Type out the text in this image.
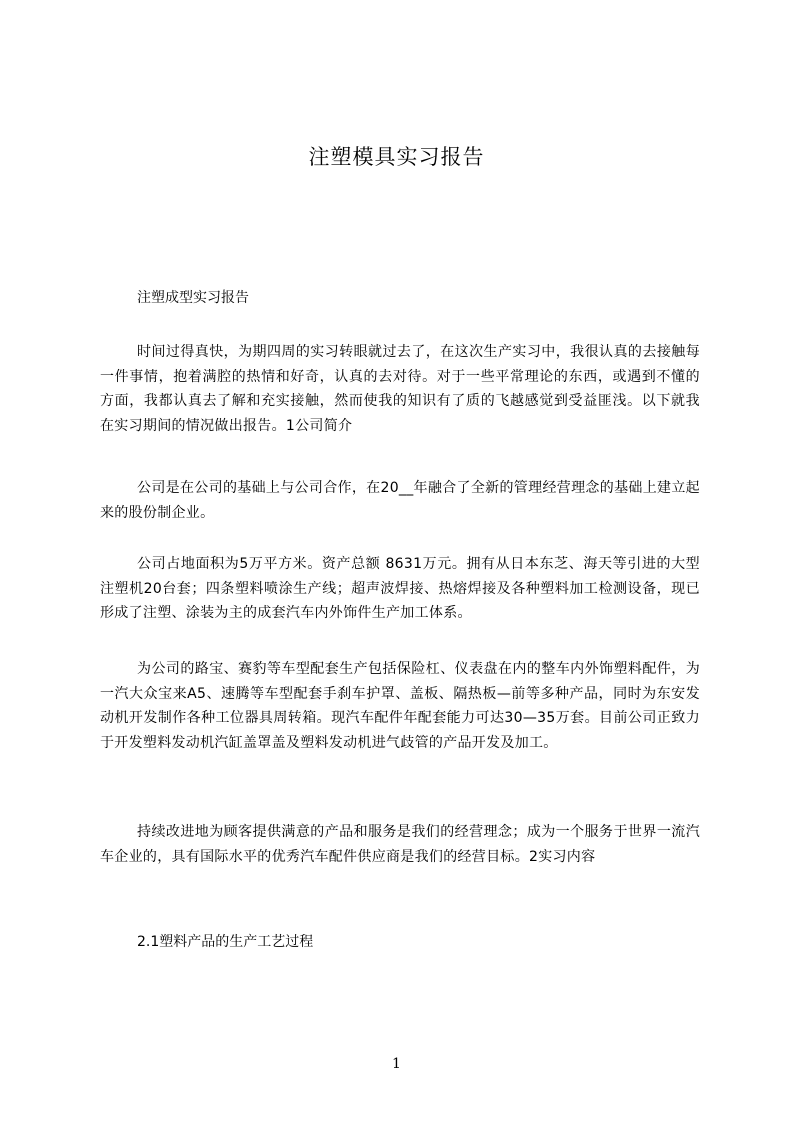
注塑模具实习报告
注塑成型实习报告

时间过得真快，为期四周的实习转眼就过去了，在这次生产实习中，我很认真的去接触每一件事情，抱着满腔的热情和好奇，认真的去对待。对于一些平常理论的东西，或遇到不懂的方面，我都认真去了解和充实接触，然而使我的知识有了质的飞越感觉到受益匪浅。以下就我在实习期间的情况做出报告。1公司简介

公司是在公司的基础上与公司合作，在20__年融合了全新的管理经营理念的基础上建立起来的股份制企业。

公司占地面积为5万平方米。资产总额 8631万元。拥有从日本东芝、海天等引进的大型注塑机20台套；四条塑料喷涂生产线；超声波焊接、热熔焊接及各种塑料加工检测设备，现已形成了注塑、涂装为主的成套汽车内外饰件生产加工体系。

为公司的路宝、赛豹等车型配套生产包括保险杠、仪表盘在内的整车内外饰塑料配件，为一汽大众宝来A5、速腾等车型配套手刹车护罩、盖板、隔热板—前等多种产品，同时为东安发动机开发制作各种工位器具周转箱。现汽车配件年配套能力可达30—35万套。目前公司正致力于开发塑料发动机汽缸盖罩盖及塑料发动机进气歧管的产品开发及加工。

持续改进地为顾客提供满意的产品和服务是我们的经营理念；成为一个服务于世界一流汽车企业的，具有国际水平的优秀汽车配件供应商是我们的经营目标。2实习内容

2.1塑料产品的生产工艺过程
1
